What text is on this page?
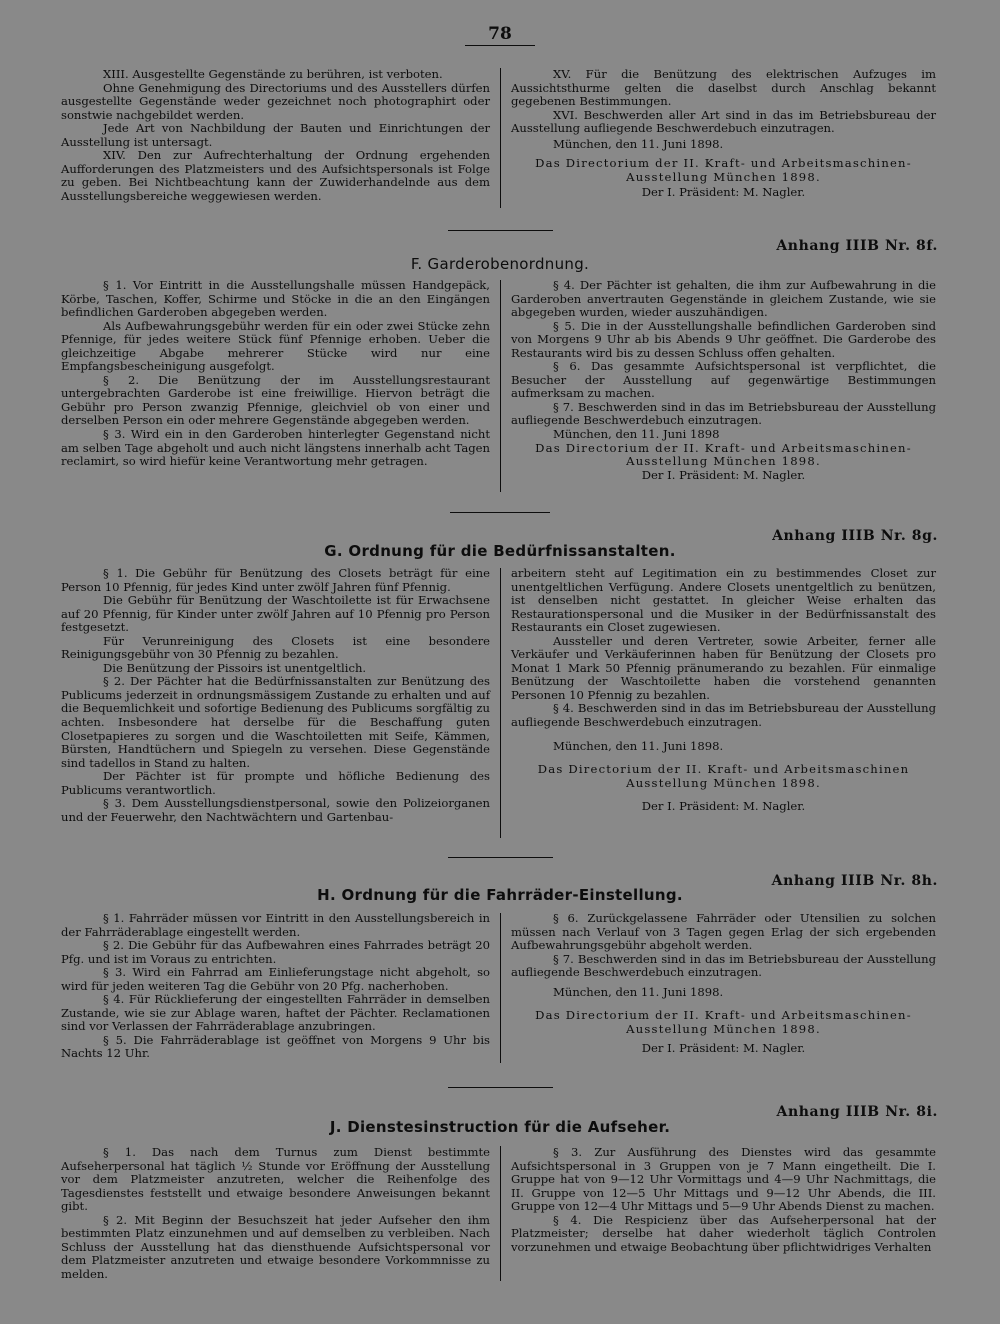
78

XIII. Ausgestellte Gegenstände zu berühren, ist verboten.

Ohne Genehmigung des Directoriums und des Ausstellers dürfen ausgestellte Gegenstände weder gezeichnet noch photographirt oder sonstwie nachgebildet werden.

Jede Art von Nachbildung der Bauten und Einrichtungen der Ausstellung ist untersagt.

XIV. Den zur Aufrechterhaltung der Ordnung ergehenden Aufforderungen des Platzmeisters und des Aufsichtspersonals ist Folge zu geben. Bei Nichtbeachtung kann der Zuwiderhandelnde aus dem Ausstellungsbereiche weggewiesen werden.

XV. Für die Benützung des elektrischen Aufzuges im Aussichtsthurme gelten die daselbst durch Anschlag bekannt gegebenen Bestimmungen.

XVI. Beschwerden aller Art sind in das im Betriebsbureau der Ausstellung aufliegende Beschwerdebuch einzutragen.

München, den 11. Juni 1898.

Das Directorium der II. Kraft- und Arbeitsmaschinen-

Ausstellung München 1898.

Der I. Präsident: M. Nagler.

Anhang IIIB Nr. 8f.
F. Garderobenordnung.

§ 1. Vor Eintritt in die Ausstellungshalle müssen Handgepäck, Körbe, Taschen, Koffer, Schirme und Stöcke in die an den Eingängen befindlichen Garderoben abgegeben werden.

Als Aufbewahrungsgebühr werden für ein oder zwei Stücke zehn Pfennige, für jedes weitere Stück fünf Pfennige erhoben. Ueber die gleichzeitige Abgabe mehrerer Stücke wird nur eine Empfangsbescheinigung ausgefolgt.

§ 2. Die Benützung der im Ausstellungsrestaurant untergebrachten Garderobe ist eine freiwillige. Hiervon beträgt die Gebühr pro Person zwanzig Pfennige, gleichviel ob von einer und derselben Person ein oder mehrere Gegenstände abgegeben werden.

§ 3. Wird ein in den Garderoben hinterlegter Gegenstand nicht am selben Tage abgeholt und auch nicht längstens innerhalb acht Tagen reclamirt, so wird hiefür keine Verantwortung mehr getragen.

§ 4. Der Pächter ist gehalten, die ihm zur Aufbewahrung in die Garderoben anvertrauten Gegenstände in gleichem Zustande, wie sie abgegeben wurden, wieder auszuhändigen.

§ 5. Die in der Ausstellungshalle befindlichen Garderoben sind von Morgens 9 Uhr ab bis Abends 9 Uhr geöffnet. Die Garderobe des Restaurants wird bis zu dessen Schluss offen gehalten.

§ 6. Das gesammte Aufsichtspersonal ist verpflichtet, die Besucher der Ausstellung auf gegenwärtige Bestimmungen aufmerksam zu machen.

§ 7. Beschwerden sind in das im Betriebsbureau der Ausstellung aufliegende Beschwerdebuch einzutragen.

München, den 11. Juni 1898

Das Directorium der II. Kraft- und Arbeitsmaschinen-

Ausstellung München 1898.

Der I. Präsident: M. Nagler.

Anhang IIIB Nr. 8g.
G. Ordnung für die Bedürfnissanstalten.

§ 1. Die Gebühr für Benützung des Closets beträgt für eine Person 10 Pfennig, für jedes Kind unter zwölf Jahren fünf Pfennig.

Die Gebühr für Benützung der Waschtoilette ist für Erwachsene auf 20 Pfennig, für Kinder unter zwölf Jahren auf 10 Pfennig pro Person festgesetzt.

Für Verunreinigung des Closets ist eine besondere Reinigungsgebühr von 30 Pfennig zu bezahlen.

Die Benützung der Pissoirs ist unentgeltlich.

§ 2. Der Pächter hat die Bedürfnissanstalten zur Benützung des Publicums jederzeit in ordnungsmässigem Zustande zu erhalten und auf die Bequemlichkeit und sofortige Bedienung des Publicums sorgfältig zu achten. Insbesondere hat derselbe für die Beschaffung guten Closetpapieres zu sorgen und die Waschtoiletten mit Seife, Kämmen, Bürsten, Handtüchern und Spiegeln zu versehen. Diese Gegenstände sind tadellos in Stand zu halten.

Der Pächter ist für prompte und höfliche Bedienung des Publicums verantwortlich.

§ 3. Dem Ausstellungsdienstpersonal, sowie den Polizeiorganen und der Feuerwehr, den Nachtwächtern und Gartenbau-

arbeitern steht auf Legitimation ein zu bestimmendes Closet zur unentgeltlichen Verfügung. Andere Closets unentgeltlich zu benützen, ist denselben nicht gestattet. In gleicher Weise erhalten das Restaurationspersonal und die Musiker in der Bedürfnissanstalt des Restaurants ein Closet zugewiesen.

Aussteller und deren Vertreter, sowie Arbeiter, ferner alle Verkäufer und Verkäuferinnen haben für Benützung der Closets pro Monat 1 Mark 50 Pfennig pränumerando zu bezahlen. Für einmalige Benützung der Waschtoilette haben die vorstehend genannten Personen 10 Pfennig zu bezahlen.

§ 4. Beschwerden sind in das im Betriebsbureau der Ausstellung aufliegende Beschwerdebuch einzutragen.

München, den 11. Juni 1898.

Das Directorium der II. Kraft- und Arbeitsmaschinen

Ausstellung München 1898.

Der I. Präsident: M. Nagler.

Anhang IIIB Nr. 8h.
H. Ordnung für die Fahrräder-Einstellung.

§ 1. Fahrräder müssen vor Eintritt in den Ausstellungsbereich in der Fahrräderablage eingestellt werden.

§ 2. Die Gebühr für das Aufbewahren eines Fahrrades beträgt 20 Pfg. und ist im Voraus zu entrichten.

§ 3. Wird ein Fahrrad am Einlieferungstage nicht abgeholt, so wird für jeden weiteren Tag die Gebühr von 20 Pfg. nacherhoben.

§ 4. Für Rücklieferung der eingestellten Fahrräder in demselben Zustande, wie sie zur Ablage waren, haftet der Pächter. Reclamationen sind vor Verlassen der Fahrräderablage anzubringen.

§ 5. Die Fahrräderablage ist geöffnet von Morgens 9 Uhr bis Nachts 12 Uhr.

§ 6. Zurückgelassene Fahrräder oder Utensilien zu solchen müssen nach Verlauf von 3 Tagen gegen Erlag der sich ergebenden Aufbewahrungsgebühr abgeholt werden.

§ 7. Beschwerden sind in das im Betriebsbureau der Ausstellung aufliegende Beschwerdebuch einzutragen.

München, den 11. Juni 1898.

Das Directorium der II. Kraft- und Arbeitsmaschinen-

Ausstellung München 1898.

Der I. Präsident: M. Nagler.

Anhang IIIB Nr. 8i.
J. Dienstesinstruction für die Aufseher.

§ 1. Das nach dem Turnus zum Dienst bestimmte Aufseherpersonal hat täglich ½ Stunde vor Eröffnung der Ausstellung vor dem Platzmeister anzutreten, welcher die Reihenfolge des Tagesdienstes feststellt und etwaige besondere Anweisungen bekannt gibt.

§ 2. Mit Beginn der Besuchszeit hat jeder Aufseher den ihm bestimmten Platz einzunehmen und auf demselben zu verbleiben. Nach Schluss der Ausstellung hat das diensthuende Aufsichtspersonal vor dem Platzmeister anzutreten und etwaige besondere Vorkommnisse zu melden.

§ 3. Zur Ausführung des Dienstes wird das gesammte Aufsichtspersonal in 3 Gruppen von je 7 Mann eingetheilt. Die I. Gruppe hat von 9—12 Uhr Vormittags und 4—9 Uhr Nachmittags, die II. Gruppe von 12—5 Uhr Mittags und 9—12 Uhr Abends, die III. Gruppe von 12—4 Uhr Mittags und 5—9 Uhr Abends Dienst zu machen.

§ 4. Die Respicienz über das Aufseherpersonal hat der Platzmeister; derselbe hat daher wiederholt täglich Controlen vorzunehmen und etwaige Beobachtung über pflichtwidriges Verhalten
